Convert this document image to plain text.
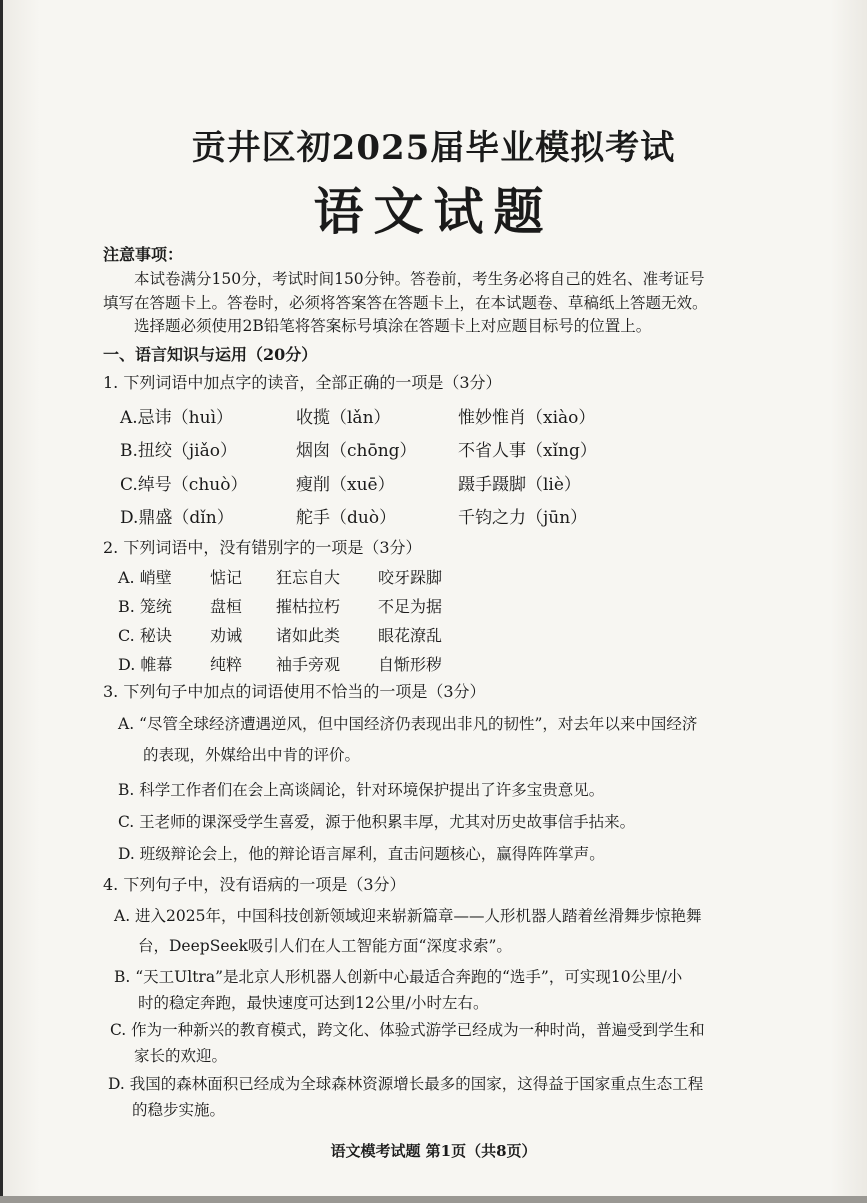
贡井区初2025届毕业模拟考试
语文试题
注意事项：
本试卷满分150分，考试时间150分钟。答卷前，考生务必将自己的姓名、准考证号
填写在答题卡上。答卷时，必须将答案答在答题卡上，在本试题卷、草稿纸上答题无效。
选择题必须使用2B铅笔将答案标号填涂在答题卡上对应题目标号的位置上。
一、语言知识与运用（20分）
1. 下列词语中加点字的读音，全部正确的一项是（3分）
A.忌讳（huì）	收揽（lǎn）	惟妙惟肖（xiào）
B.扭绞（jiǎo）	烟囱（chōng） 不省人事（xǐng）
C.绰号（chuò）	瘦削（xuē）	蹑手蹑脚（liè）
D.鼎盛（dǐn）	舵手（duò）	千钧之力（jūn）
2. 下列词语中，没有错别字的一项是（3分）
A. 峭壁 惦记 狂忘自大 咬牙跺脚
B. 笼统 盘桓 摧枯拉朽 不足为据
C. 秘诀 劝诫 诸如此类 眼花潦乱
D. 帷幕 纯粹 袖手旁观 自惭形秽
3. 下列句子中加点的词语使用不恰当的一项是（3分）
A. “尽管全球经济遭遇逆风，但中国经济仍表现出非凡的韧性”，对去年以来中国经济
的表现，外媒给出中肯的评价。
B. 科学工作者们在会上高谈阔论，针对环境保护提出了许多宝贵意见。
C. 王老师的课深受学生喜爱，源于他积累丰厚，尤其对历史故事信手拈来。
D. 班级辩论会上，他的辩论语言犀利，直击问题核心，赢得阵阵掌声。
4. 下列句子中，没有语病的一项是（3分）
A. 进入2025年，中国科技创新领域迎来崭新篇章——人形机器人踏着丝滑舞步惊艳舞
台，DeepSeek吸引人们在人工智能方面“深度求索”。
B. “天工Ultra”是北京人形机器人创新中心最适合奔跑的“选手”，可实现10公里/小
时的稳定奔跑，最快速度可达到12公里/小时左右。
C. 作为一种新兴的教育模式，跨文化、体验式游学已经成为一种时尚，普遍受到学生和
家长的欢迎。
D. 我国的森林面积已经成为全球森林资源增长最多的国家，这得益于国家重点生态工程
的稳步实施。
语文模考试题 第1页（共8页）
